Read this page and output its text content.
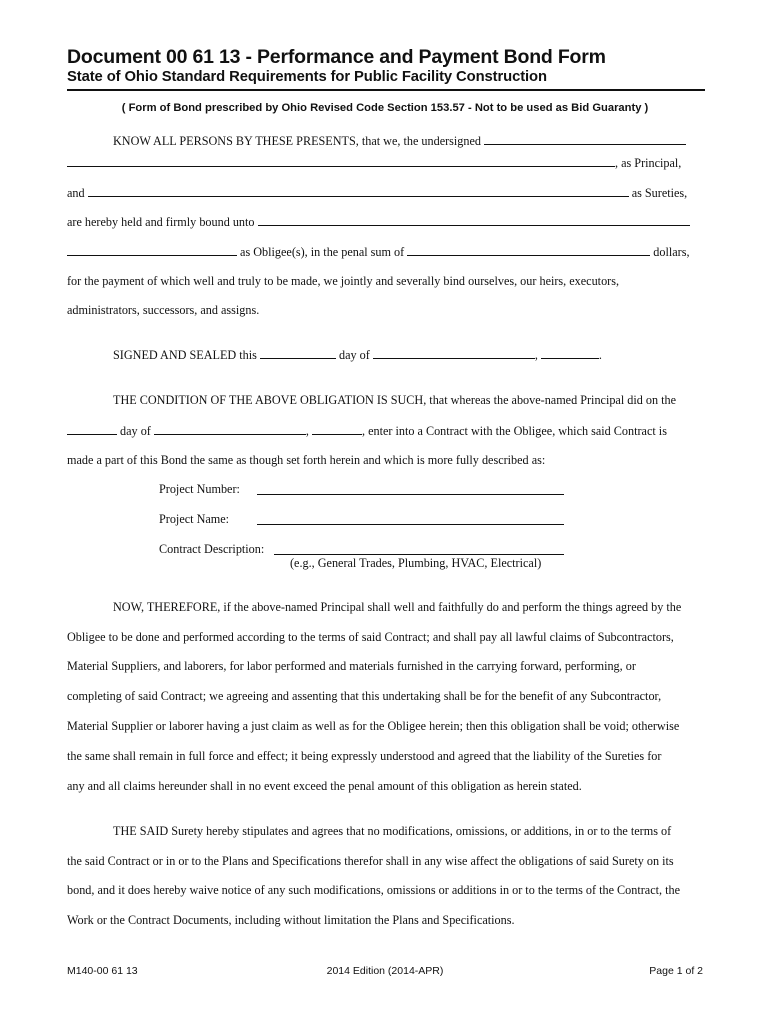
Document 00 61 13 - Performance and Payment Bond Form
State of Ohio Standard Requirements for Public Facility Construction
( Form of Bond prescribed by Ohio Revised Code Section 153.57 - Not to be used as Bid Guaranty )
KNOW ALL PERSONS BY THESE PRESENTS, that we, the undersigned
, as Principal,
and	as Sureties,
are hereby held and firmly bound unto
as Obligee(s), in the penal sum of	dollars,
for the payment of which well and truly to be made, we jointly and severally bind ourselves, our heirs, executors,
administrators, successors, and assigns.
SIGNED AND SEALED this	day of	,	.
THE CONDITION OF THE ABOVE OBLIGATION IS SUCH, that whereas the above-named Principal did on the
day of	,	, enter into a Contract with the Obligee, which said Contract is
made a part of this Bond the same as though set forth herein and which is more fully described as:
Project Number:
Project Name:
Contract Description:
(e.g., General Trades, Plumbing, HVAC, Electrical)
NOW, THEREFORE, if the above-named Principal shall well and faithfully do and perform the things agreed by the
Obligee to be done and performed according to the terms of said Contract; and shall pay all lawful claims of Subcontractors,
Material Suppliers, and laborers, for labor performed and materials furnished in the carrying forward, performing, or
completing of said Contract; we agreeing and assenting that this undertaking shall be for the benefit of any Subcontractor,
Material Supplier or laborer having a just claim as well as for the Obligee herein; then this obligation shall be void; otherwise
the same shall remain in full force and effect; it being expressly understood and agreed that the liability of the Sureties for
any and all claims hereunder shall in no event exceed the penal amount of this obligation as herein stated.
THE SAID Surety hereby stipulates and agrees that no modifications, omissions, or additions, in or to the terms of
the said Contract or in or to the Plans and Specifications therefor shall in any wise affect the obligations of said Surety on its
bond, and it does hereby waive notice of any such modifications, omissions or additions in or to the terms of the Contract, the
Work or the Contract Documents, including without limitation the Plans and Specifications.
M140-00 61 13	2014 Edition (2014-APR)	Page 1 of 2
